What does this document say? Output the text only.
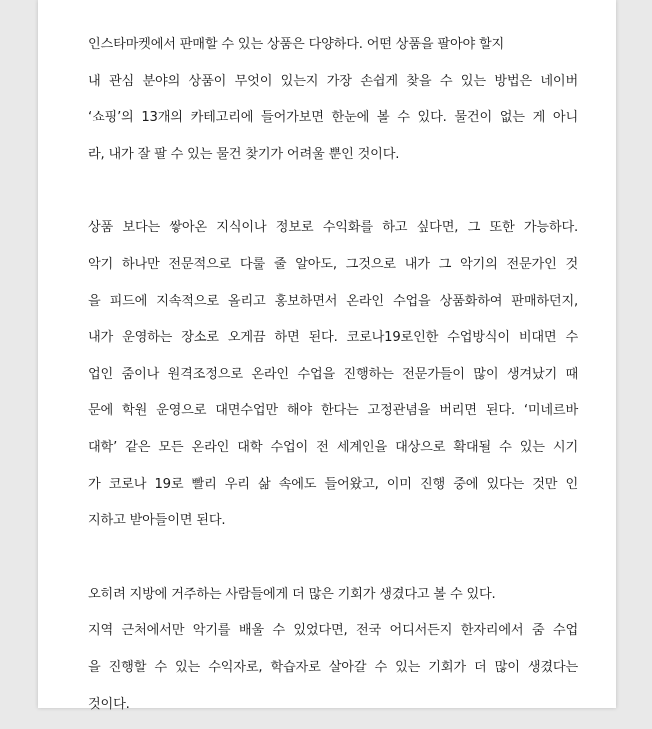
인스타마켓에서 판매할 수 있는 상품은 다양하다. 어떤 상품을 팔아야 할지
내 관심 분야의 상품이 무엇이 있는지 가장 손쉽게 찾을 수 있는 방법은 네이버
‘쇼핑’의 13개의 카테고리에 들어가보면 한눈에 볼 수 있다. 물건이 없는 게 아니
라, 내가 잘 팔 수 있는 물건 찾기가 어려울 뿐인 것이다.
상품 보다는 쌓아온 지식이나 정보로 수익화를 하고 싶다면, 그 또한 가능하다.
악기 하나만 전문적으로 다룰 줄 알아도, 그것으로 내가 그 악기의 전문가인 것
을 피드에 지속적으로 올리고 홍보하면서 온라인 수업을 상품화하여 판매하던지,
내가 운영하는 장소로 오게끔 하면 된다. 코로나19로인한 수업방식이 비대면 수
업인 줌이나 원격조정으로 온라인 수업을 진행하는 전문가들이 많이 생겨났기 때
문에 학원 운영으로 대면수업만 해야 한다는 고정관념을 버리면 된다. ‘미네르바
대학’ 같은 모든 온라인 대학 수업이 전 세계인을 대상으로 확대될 수 있는 시기
가 코로나 19로 빨리 우리 삶 속에도 들어왔고, 이미 진행 중에 있다는 것만 인
지하고 받아들이면 된다.
오히려 지방에 거주하는 사람들에게 더 많은 기회가 생겼다고 볼 수 있다.
지역 근처에서만 악기를 배울 수 있었다면, 전국 어디서든지 한자리에서 줌 수업
을 진행할 수 있는 수익자로, 학습자로 살아갈 수 있는 기회가 더 많이 생겼다는
것이다.
